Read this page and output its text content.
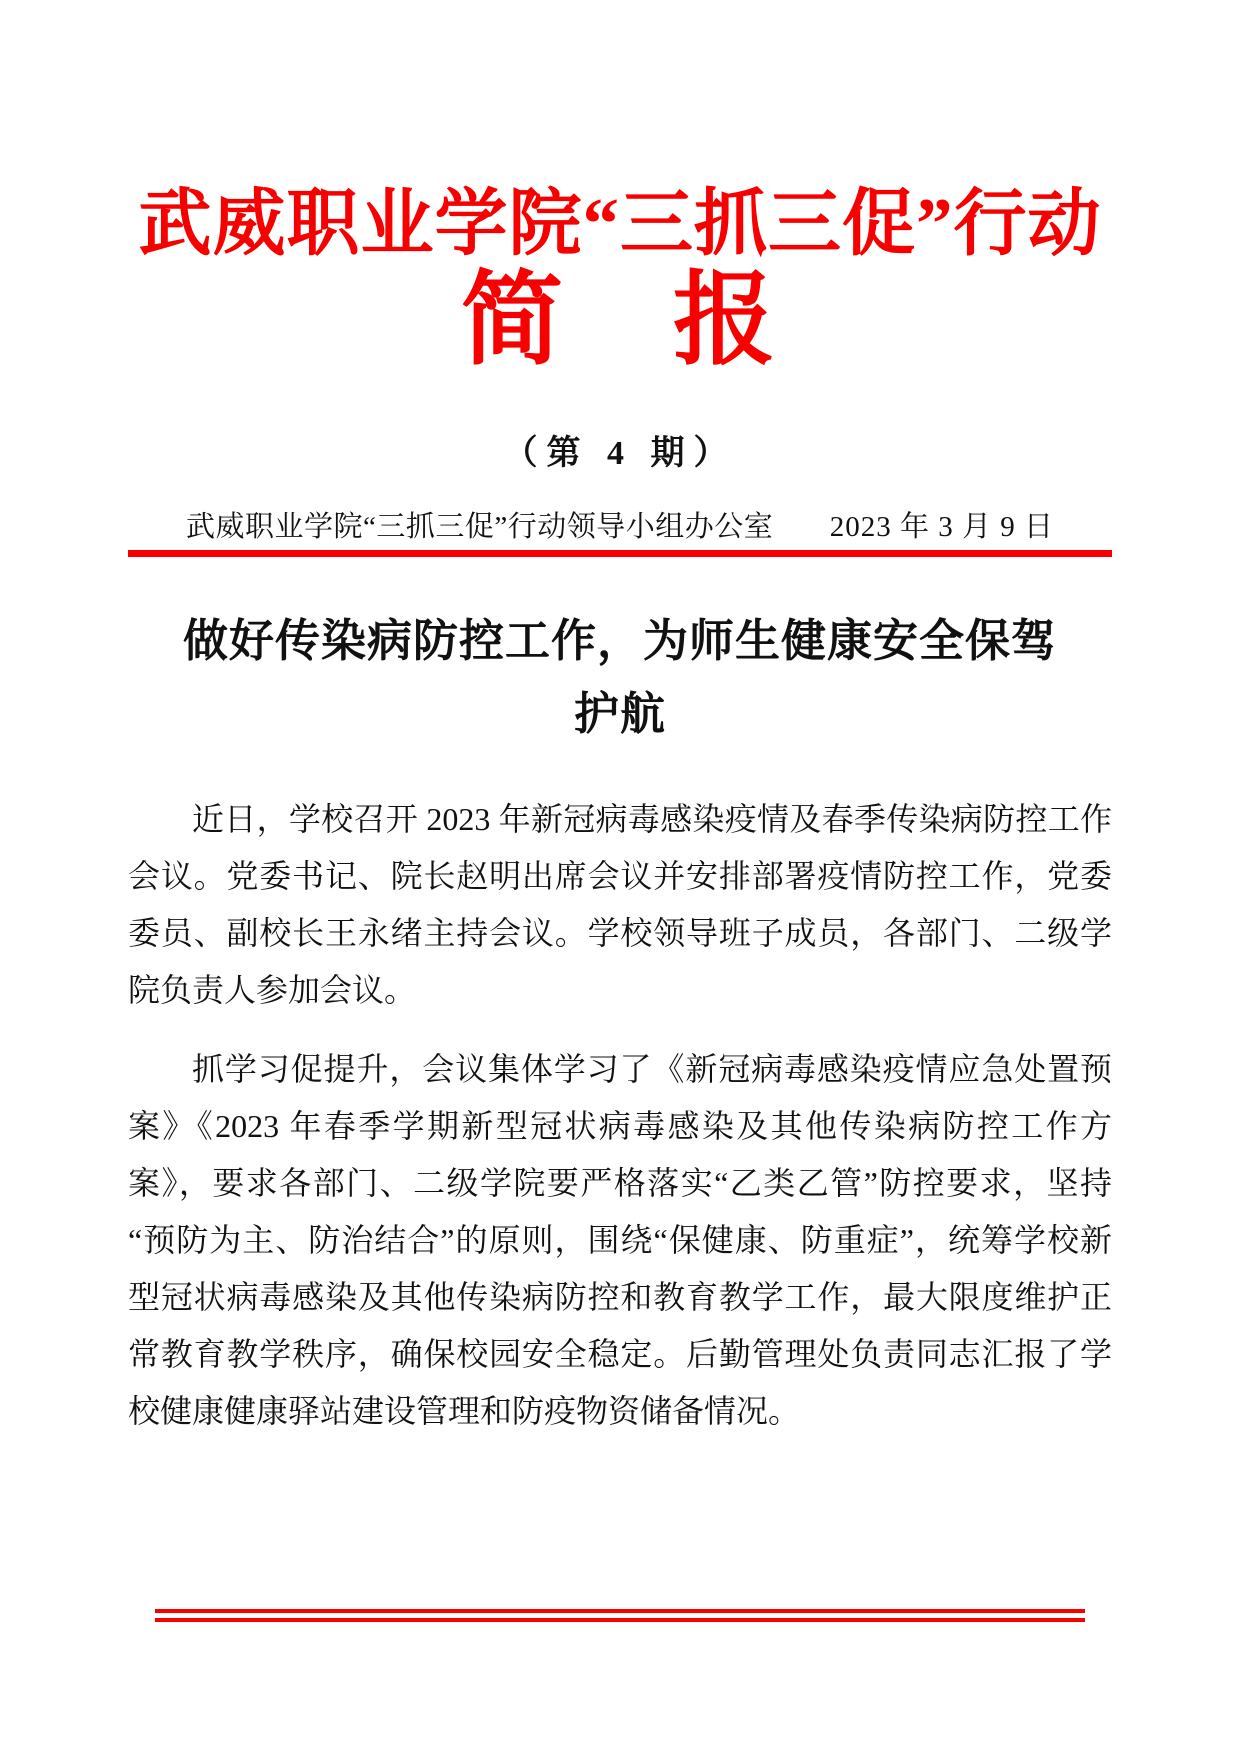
武威职业学院“三抓三促”行动
简　报
（第 4 期）
武威职业学院“三抓三促”行动领导小组办公室 2023 年 3 月 9 日
做好传染病防控工作，为师生健康安全保驾
护航

近日，学校召开 2023 年新冠病毒感染疫情及春季传染病防控工作会议。党委书记、院长赵明出席会议并安排部署疫情防控工作，党委委员、副校长王永绪主持会议。学校领导班子成员，各部门、二级学院负责人参加会议。

抓学习促提升，会议集体学习了《新冠病毒感染疫情应急处置预案》《2023 年春季学期新型冠状病毒感染及其他传染病防控工作方案》，要求各部门、二级学院要严格落实“乙类乙管”防控要求，坚持“预防为主、防治结合”的原则，围绕“保健康、防重症”，统筹学校新型冠状病毒感染及其他传染病防控和教育教学工作，最大限度维护正常教育教学秩序，确保校园安全稳定。后勤管理处负责同志汇报了学校健康健康驿站建设管理和防疫物资储备情况。
